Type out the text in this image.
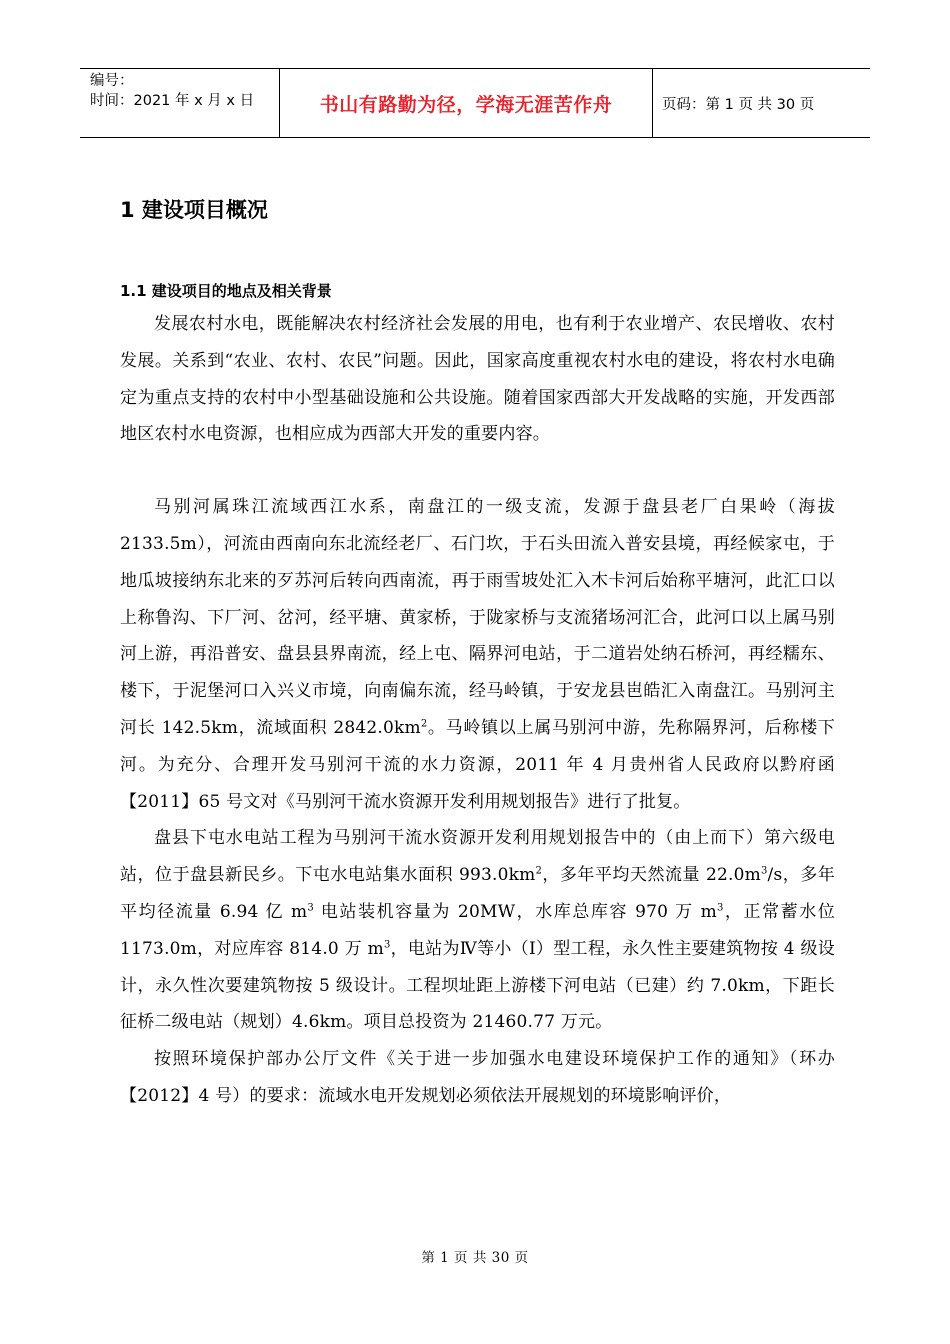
编号：
时间：2021 年 x 月 x 日	书山有路勤为径，学海无涯苦作舟	页码：第 1 页 共 30 页
1 建设项目概况
1.1 建设项目的地点及相关背景

发展农村水电，既能解决农村经济社会发展的用电，也有利于农业增产、农民增收、农村发展。关系到“农业、农村、农民”问题。因此，国家高度重视农村水电的建设，将农村水电确定为重点支持的农村中小型基础设施和公共设施。随着国家西部大开发战略的实施，开发西部地区农村水电资源，也相应成为西部大开发的重要内容。

马别河属珠江流域西江水系，南盘江的一级支流，发源于盘县老厂白果岭（海拔2133.5m），河流由西南向东北流经老厂、石门坎，于石头田流入普安县境，再经候家屯，于地瓜坡接纳东北来的歹苏河后转向西南流，再于雨雪坡处汇入木卡河后始称平塘河，此汇口以上称鲁沟、下厂河、岔河，经平塘、黄家桥，于陇家桥与支流猪场河汇合，此河口以上属马别河上游，再沿普安、盘县县界南流，经上屯、隔界河电站，于二道岩处纳石桥河，再经糯东、楼下，于泥堡河口入兴义市境，向南偏东流，经马岭镇，于安龙县岜皓汇入南盘江。马别河主河长 142.5km，流域面积 $2842.0km^2$。马岭镇以上属马别河中游，先称隔界河，后称楼下河。为充分、合理开发马别河干流的水力资源，2011 年 4 月贵州省人民政府以黔府函【2011】65 号文对《马别河干流水资源开发利用规划报告》进行了批复。

盘县下屯水电站工程为马别河干流水资源开发利用规划报告中的（由上而下）第六级电站，位于盘县新民乡。下屯水电站集水面积 $993.0km^2$，多年平均天然流量 $22.0m^3/s$，多年平均径流量 6.94 亿 $m^3$ 电站装机容量为 20MW，水库总库容 970 万 $m^3$，正常蓄水位 1173.0m，对应库容 814.0 万 $m^3$，电站为Ⅳ等小（Ⅰ）型工程，永久性主要建筑物按 4 级设计，永久性次要建筑物按 5 级设计。工程坝址距上游楼下河电站（已建）约 7.0km，下距长征桥二级电站（规划）4.6km。项目总投资为 21460.77 万元。

按照环境保护部办公厅文件《关于进一步加强水电建设环境保护工作的通知》（环办【2012】4 号）的要求：流域水电开发规划必须依法开展规划的环境影响评价，

第 1 页 共 30 页
